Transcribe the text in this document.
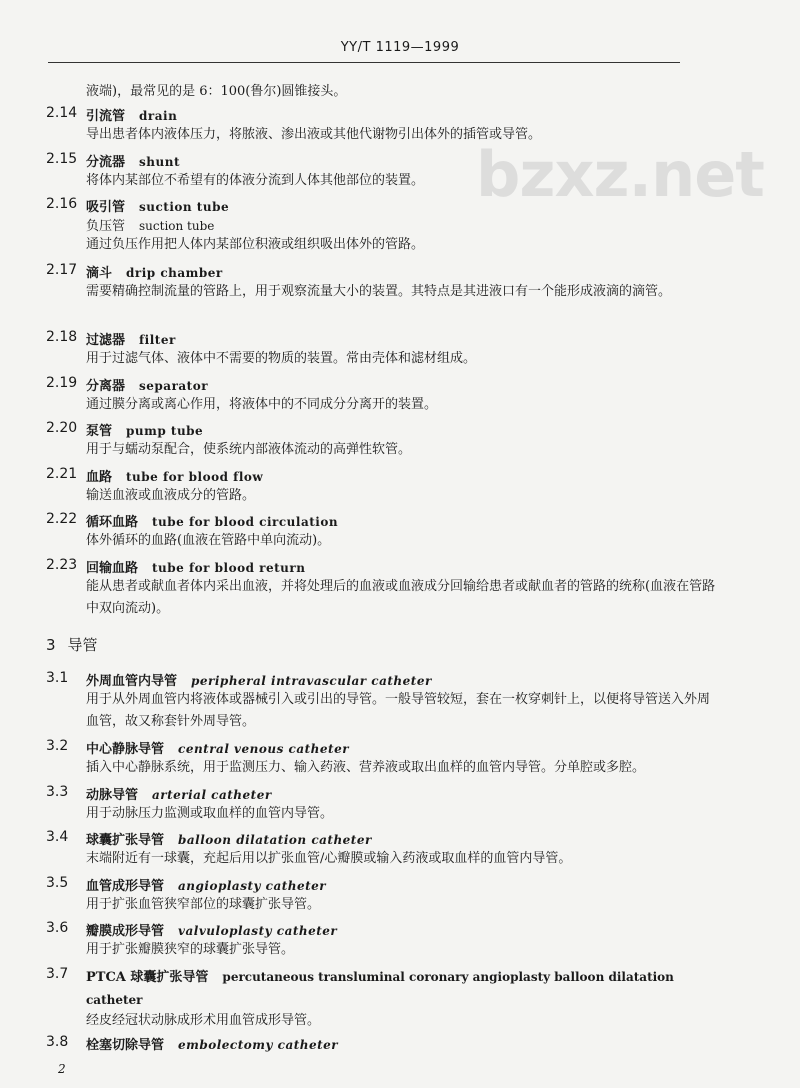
YY/T 1119—1999
液端)，最常见的是 6：100(鲁尔)圆锥接头。
bzxz.net
2.14 引流管 drain
导出患者体内液体压力，将脓液、渗出液或其他代谢物引出体外的插管或导管。
2.15 分流器 shunt
将体内某部位不希望有的体液分流到人体其他部位的装置。
2.16 吸引管 suction tube
负压管 suction tube
通过负压作用把人体内某部位积液或组织吸出体外的管路。
2.17 滴斗 drip chamber
需要精确控制流量的管路上，用于观察流量大小的装置。其特点是其进液口有一个能形成液滴的滴管。
2.18 过滤器 filter
用于过滤气体、液体中不需要的物质的装置。常由壳体和滤材组成。
2.19 分离器 separator
通过膜分离或离心作用，将液体中的不同成分分离开的装置。
2.20 泵管 pump tube
用于与蠕动泵配合，使系统内部液体流动的高弹性软管。
2.21 血路 tube for blood flow
输送血液或血液成分的管路。
2.22 循环血路 tube for blood circulation
体外循环的血路(血液在管路中单向流动)。
2.23 回输血路 tube for blood return
能从患者或献血者体内采出血液，并将处理后的血液或血液成分回输给患者或献血者的管路的统称(血液在管路中双向流动)。
3 导管
3.1 外周血管内导管 peripheral intravascular catheter
用于从外周血管内将液体或器械引入或引出的导管。一般导管较短，套在一枚穿刺针上，以便将导管送入外周血管，故又称套针外周导管。
3.2 中心静脉导管 central venous catheter
插入中心静脉系统，用于监测压力、输入药液、营养液或取出血样的血管内导管。分单腔或多腔。
3.3 动脉导管 arterial catheter
用于动脉压力监测或取血样的血管内导管。
3.4 球囊扩张导管 balloon dilatation catheter
末端附近有一球囊，充起后用以扩张血管/心瓣膜或输入药液或取血样的血管内导管。
3.5 血管成形导管 angioplasty catheter
用于扩张血管狭窄部位的球囊扩张导管。
3.6 瓣膜成形导管 valvuloplasty catheter
用于扩张瓣膜狭窄的球囊扩张导管。
3.7 PTCA 球囊扩张导管 percutaneous transluminal coronary angioplasty balloon dilatation catheter
经皮经冠状动脉成形术用血管成形导管。
3.8 栓塞切除导管 embolectomy catheter
2
